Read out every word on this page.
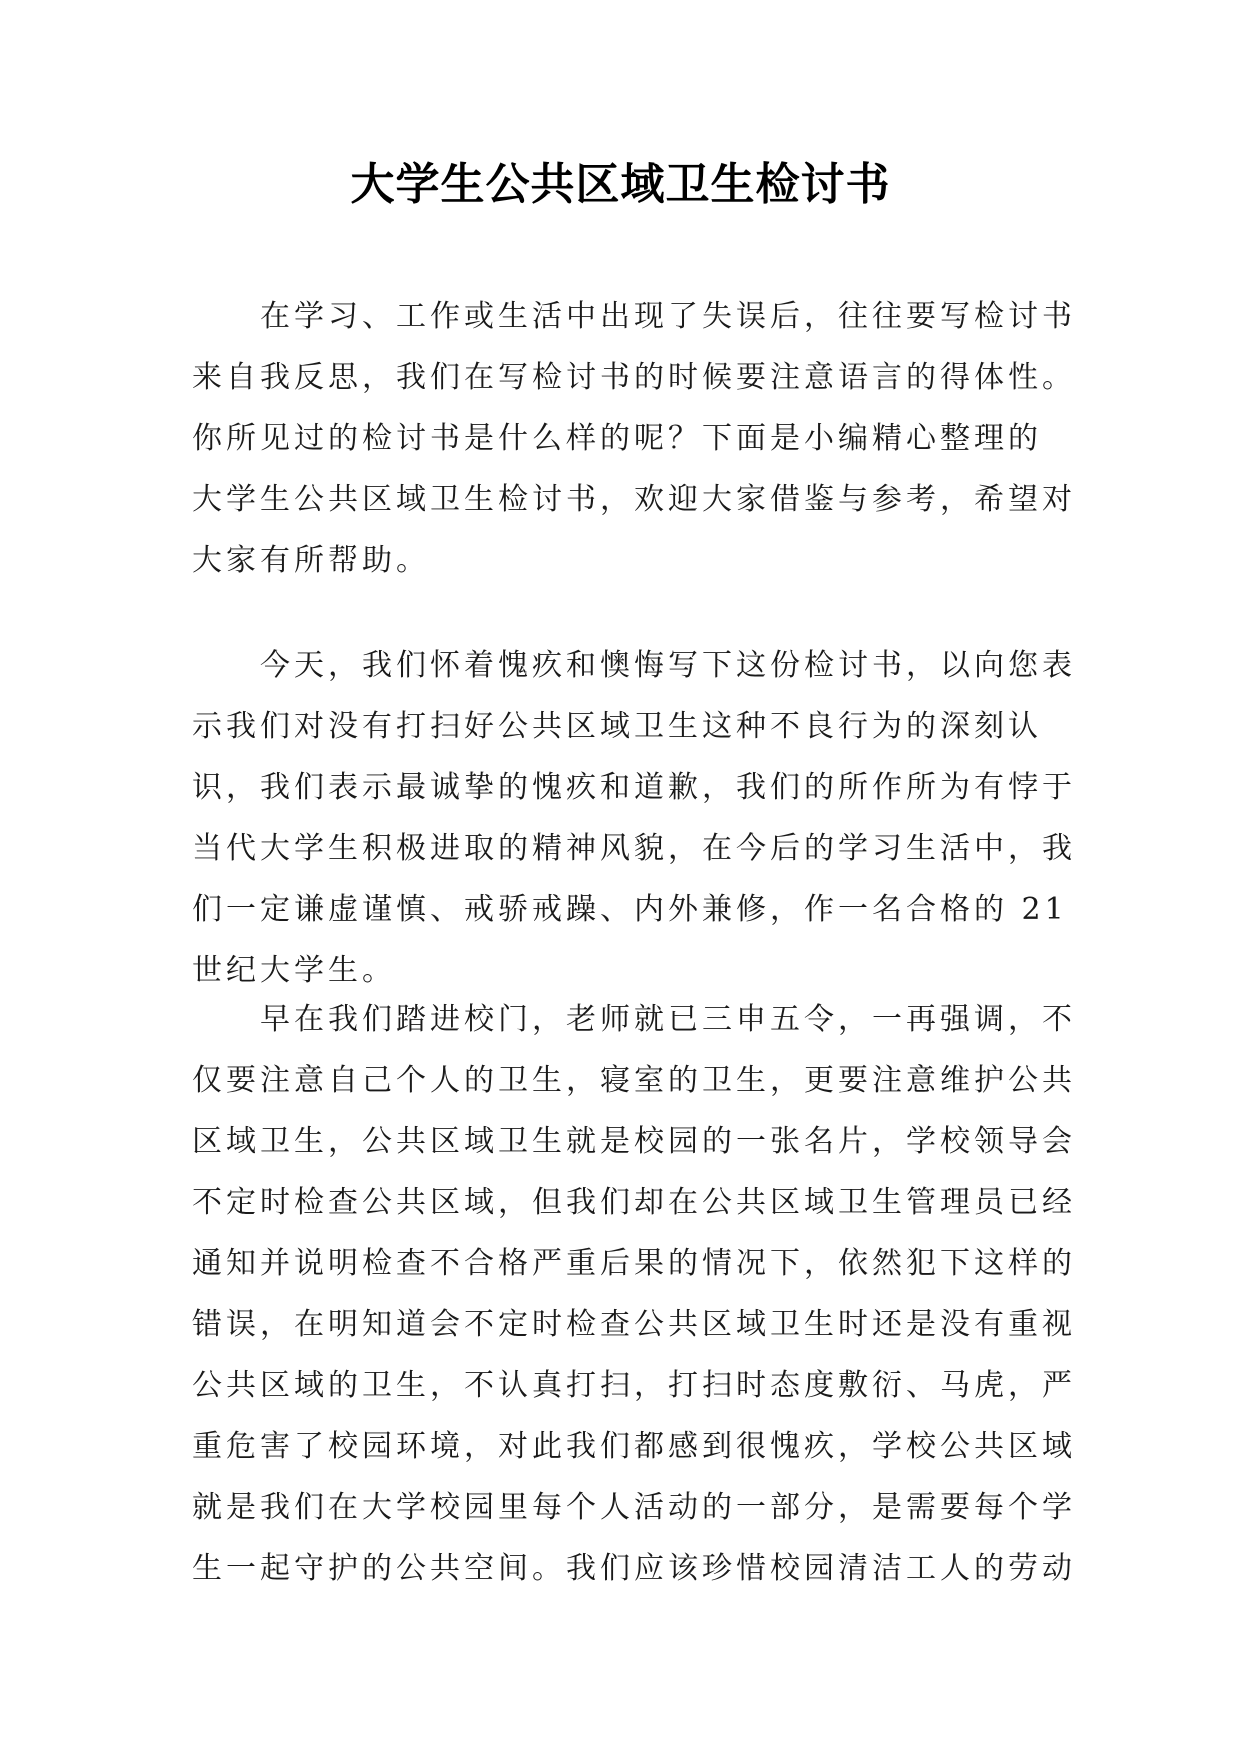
大学生公共区域卫生检讨书
在学习、工作或生活中出现了失误后，往往要写检讨书
来自我反思，我们在写检讨书的时候要注意语言的得体性。
你所见过的检讨书是什么样的呢？下面是小编精心整理的
大学生公共区域卫生检讨书，欢迎大家借鉴与参考，希望对
大家有所帮助。
今天，我们怀着愧疚和懊悔写下这份检讨书，以向您表
示我们对没有打扫好公共区域卫生这种不良行为的深刻认
识，我们表示最诚挚的愧疚和道歉，我们的所作所为有悖于
当代大学生积极进取的精神风貌，在今后的学习生活中，我
们一定谦虚谨慎、戒骄戒躁、内外兼修，作一名合格的 21
世纪大学生。
早在我们踏进校门，老师就已三申五令，一再强调，不
仅要注意自己个人的卫生，寝室的卫生，更要注意维护公共
区域卫生，公共区域卫生就是校园的一张名片，学校领导会
不定时检查公共区域，但我们却在公共区域卫生管理员已经
通知并说明检查不合格严重后果的情况下，依然犯下这样的
错误，在明知道会不定时检查公共区域卫生时还是没有重视
公共区域的卫生，不认真打扫，打扫时态度敷衍、马虎，严
重危害了校园环境，对此我们都感到很愧疚，学校公共区域
就是我们在大学校园里每个人活动的一部分，是需要每个学
生一起守护的公共空间。我们应该珍惜校园清洁工人的劳动
